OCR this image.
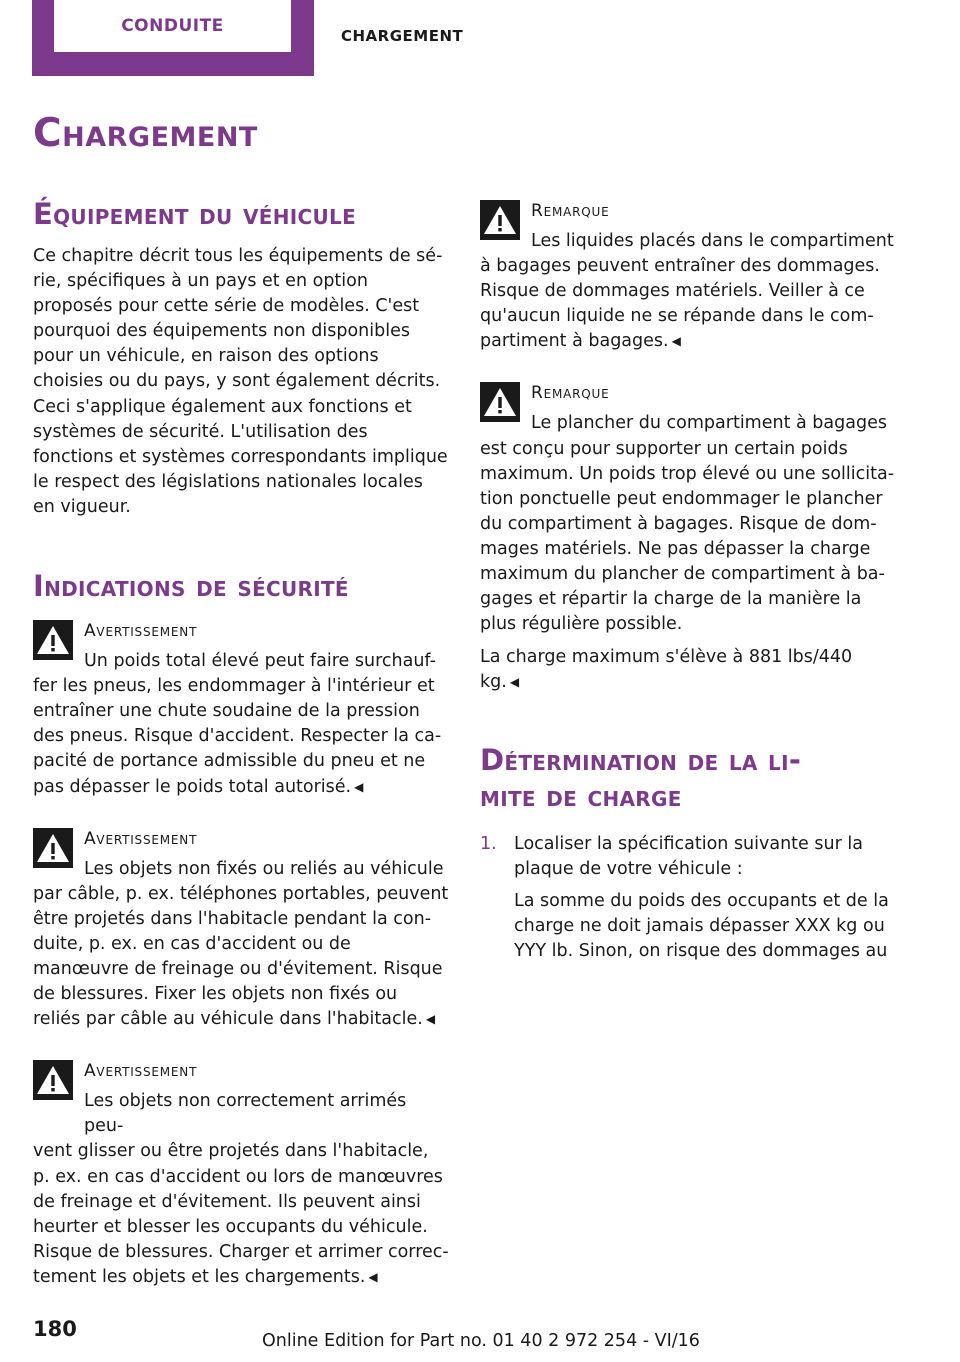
CONDUITE	CHARGEMENT
Chargement
Équipement du véhicule

Ce chapitre décrit tous les équipements de série, spécifiques à un pays et en option proposés pour cette série de modèles. C'est pourquoi des équipements non disponibles pour un véhicule, en raison des options choisies ou du pays, y sont également décrits. Ceci s'applique également aux fonctions et systèmes de sécurité. L'utilisation des fonctions et systèmes correspondants implique le respect des législations nationales locales en vigueur.

Indications de sécurité
Avertissement
Un poids total élevé peut faire surchauf-

fer les pneus, les endommager à l'intérieur et entraîner une chute soudaine de la pression des pneus. Risque d'accident. Respecter la capacité de portance admissible du pneu et ne pas dépasser le poids total autorisé. ◀

Avertissement
Les objets non fixés ou reliés au véhicule

par câble, p. ex. téléphones portables, peuvent être projetés dans l'habitacle pendant la conduite, p. ex. en cas d'accident ou de manœuvre de freinage ou d'évitement. Risque de blessures. Fixer les objets non fixés ou reliés par câble au véhicule dans l'habitacle. ◀

Avertissement
Les objets non correctement arrimés peu-

vent glisser ou être projetés dans l'habitacle, p. ex. en cas d'accident ou lors de manœuvres de freinage et d'évitement. Ils peuvent ainsi heurter et blesser les occupants du véhicule. Risque de blessures. Charger et arrimer correctement les objets et les chargements. ◀

Remarque
Les liquides placés dans le compartiment

à bagages peuvent entraîner des dommages. Risque de dommages matériels. Veiller à ce qu'aucun liquide ne se répande dans le compartiment à bagages. ◀

Remarque
Le plancher du compartiment à bagages

est conçu pour supporter un certain poids maximum. Un poids trop élevé ou une sollicitation ponctuelle peut endommager le plancher du compartiment à bagages. Risque de dommages matériels. Ne pas dépasser la charge maximum du plancher de compartiment à bagages et répartir la charge de la manière la plus régulière possible.

La charge maximum s'élève à 881 lbs/440 kg. ◀

Détermination de la li-
mite de charge
1. Localiser la spécification suivante sur la plaque de votre véhicule :

La somme du poids des occupants et de la charge ne doit jamais dépasser XXX kg ou YYY lb. Sinon, on risque des dommages au

180	Online Edition for Part no. 01 40 2 972 254 - VI/16
